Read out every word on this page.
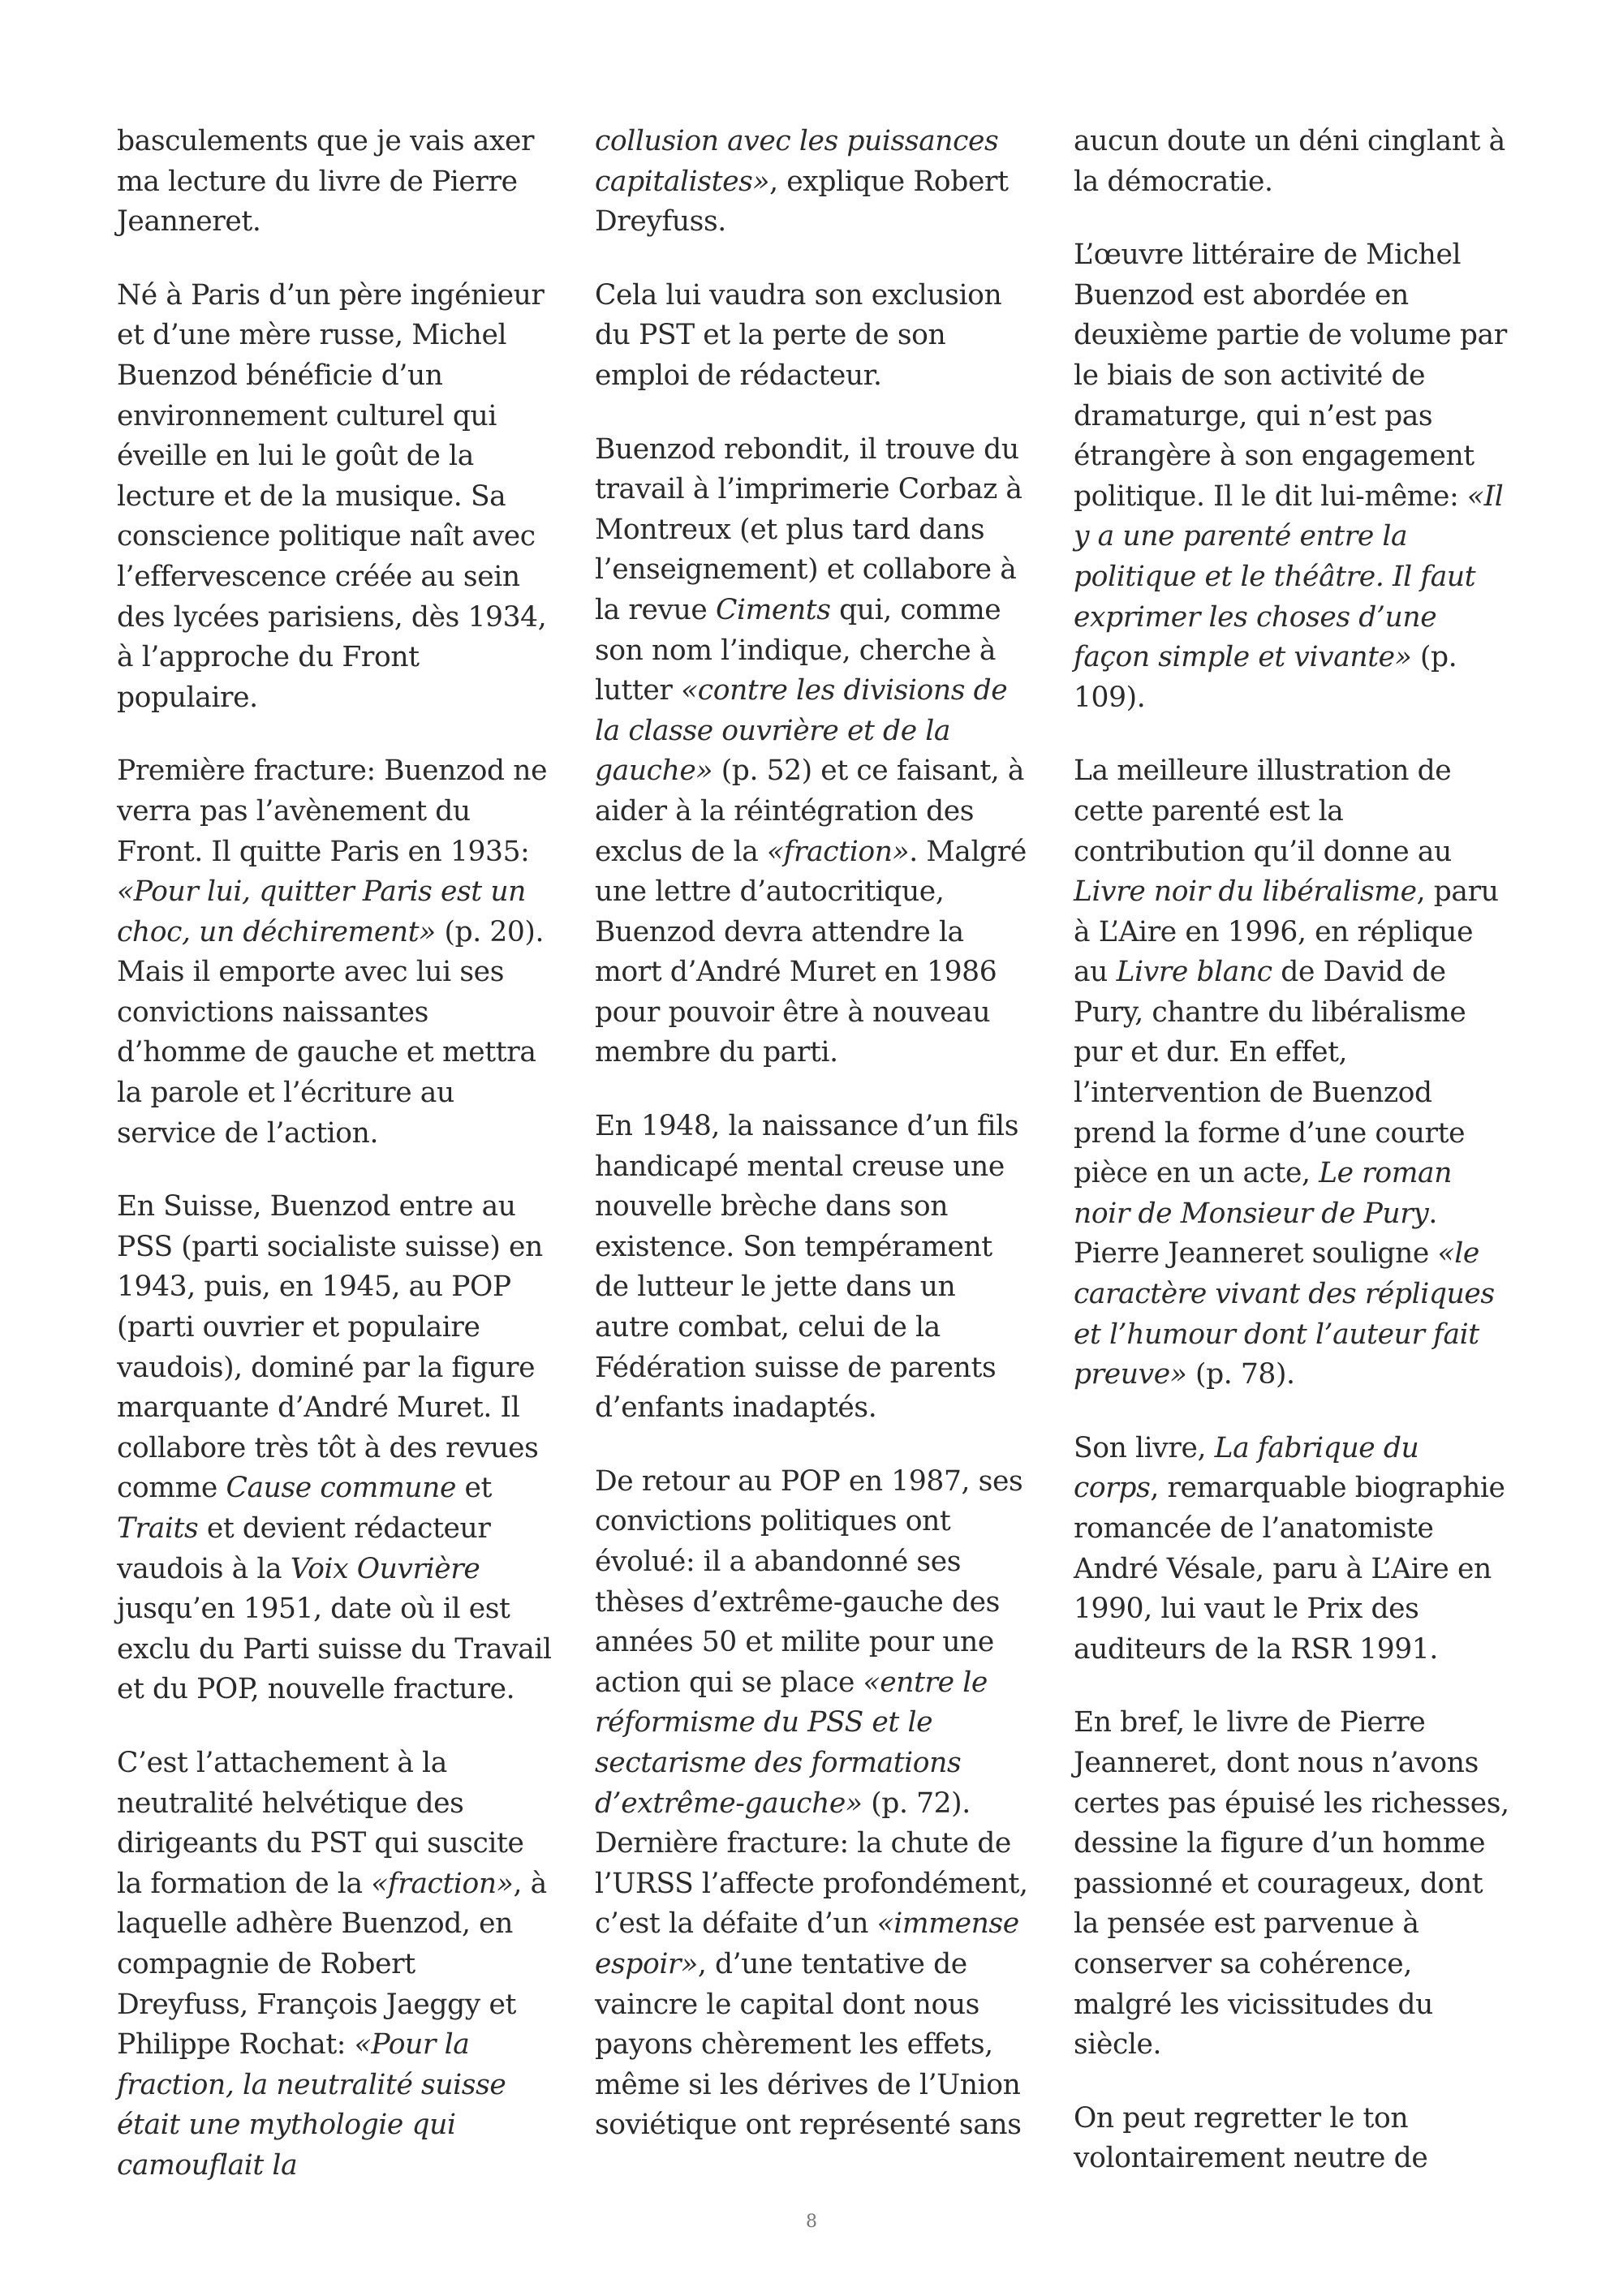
basculements que je vais axer ma lecture du livre de Pierre Jeanneret.

Né à Paris d’un père ingénieur et d’une mère russe, Michel Buenzod bénéficie d’un environnement culturel qui éveille en lui le goût de la lecture et de la musique. Sa conscience politique naît avec l’effervescence créée au sein des lycées parisiens, dès 1934, à l’approche du Front populaire.

Première fracture: Buenzod ne verra pas l’avènement du Front. Il quitte Paris en 1935: «Pour lui, quitter Paris est un choc, un déchirement» (p. 20). Mais il emporte avec lui ses convictions naissantes d’homme de gauche et mettra la parole et l’écriture au service de l’action.

En Suisse, Buenzod entre au PSS (parti socialiste suisse) en 1943, puis, en 1945, au POP (parti ouvrier et populaire vaudois), dominé par la figure marquante d’André Muret. Il collabore très tôt à des revues comme Cause commune et Traits et devient rédacteur vaudois à la Voix Ouvrière jusqu’en 1951, date où il est exclu du Parti suisse du Travail et du POP, nouvelle fracture.

C’est l’attachement à la neutralité helvétique des dirigeants du PST qui suscite la formation de la «fraction», à laquelle adhère Buenzod, en compagnie de Robert Dreyfuss, François Jaeggy et Philippe Rochat: «Pour la fraction, la neutralité suisse était une mythologie qui camouflait la

collusion avec les puissances capitalistes», explique Robert Dreyfuss.

Cela lui vaudra son exclusion du PST et la perte de son emploi de rédacteur.

Buenzod rebondit, il trouve du travail à l’imprimerie Corbaz à Montreux (et plus tard dans l’enseignement) et collabore à la revue Ciments qui, comme son nom l’indique, cherche à lutter «contre les divisions de la classe ouvrière et de la gauche» (p. 52) et ce faisant, à aider à la réintégration des exclus de la «fraction». Malgré une lettre d’autocritique, Buenzod devra attendre la mort d’André Muret en 1986 pour pouvoir être à nouveau membre du parti.

En 1948, la naissance d’un fils handicapé mental creuse une nouvelle brèche dans son existence. Son tempérament de lutteur le jette dans un autre combat, celui de la Fédération suisse de parents d’enfants inadaptés.

De retour au POP en 1987, ses convictions politiques ont évolué: il a abandonné ses thèses d’extrême-gauche des années 50 et milite pour une action qui se place «entre le réformisme du PSS et le sectarisme des formations d’extrême-gauche» (p. 72). Dernière fracture: la chute de l’URSS l’affecte profondément, c’est la défaite d’un «immense espoir», d’une tentative de vaincre le capital dont nous payons chèrement les effets, même si les dérives de l’Union soviétique ont représenté sans

aucun doute un déni cinglant à la démocratie.

L’œuvre littéraire de Michel Buenzod est abordée en deuxième partie de volume par le biais de son activité de dramaturge, qui n’est pas étrangère à son engagement politique. Il le dit lui-même: «Il y a une parenté entre la politique et le théâtre. Il faut exprimer les choses d’une façon simple et vivante» (p. 109).

La meilleure illustration de cette parenté est la contribution qu’il donne au Livre noir du libéralisme, paru à L’Aire en 1996, en réplique au Livre blanc de David de Pury, chantre du libéralisme pur et dur. En effet, l’intervention de Buenzod prend la forme d’une courte pièce en un acte, Le roman noir de Monsieur de Pury. Pierre Jeanneret souligne «le caractère vivant des répliques et l’humour dont l’auteur fait preuve» (p. 78).

Son livre, La fabrique du corps, remarquable biographie romancée de l’anatomiste André Vésale, paru à L’Aire en 1990, lui vaut le Prix des auditeurs de la RSR 1991.

En bref, le livre de Pierre Jeanneret, dont nous n’avons certes pas épuisé les richesses, dessine la figure d’un homme passionné et courageux, dont la pensée est parvenue à conserver sa cohérence, malgré les vicissitudes du siècle.

On peut regretter le ton volontairement neutre de

8
